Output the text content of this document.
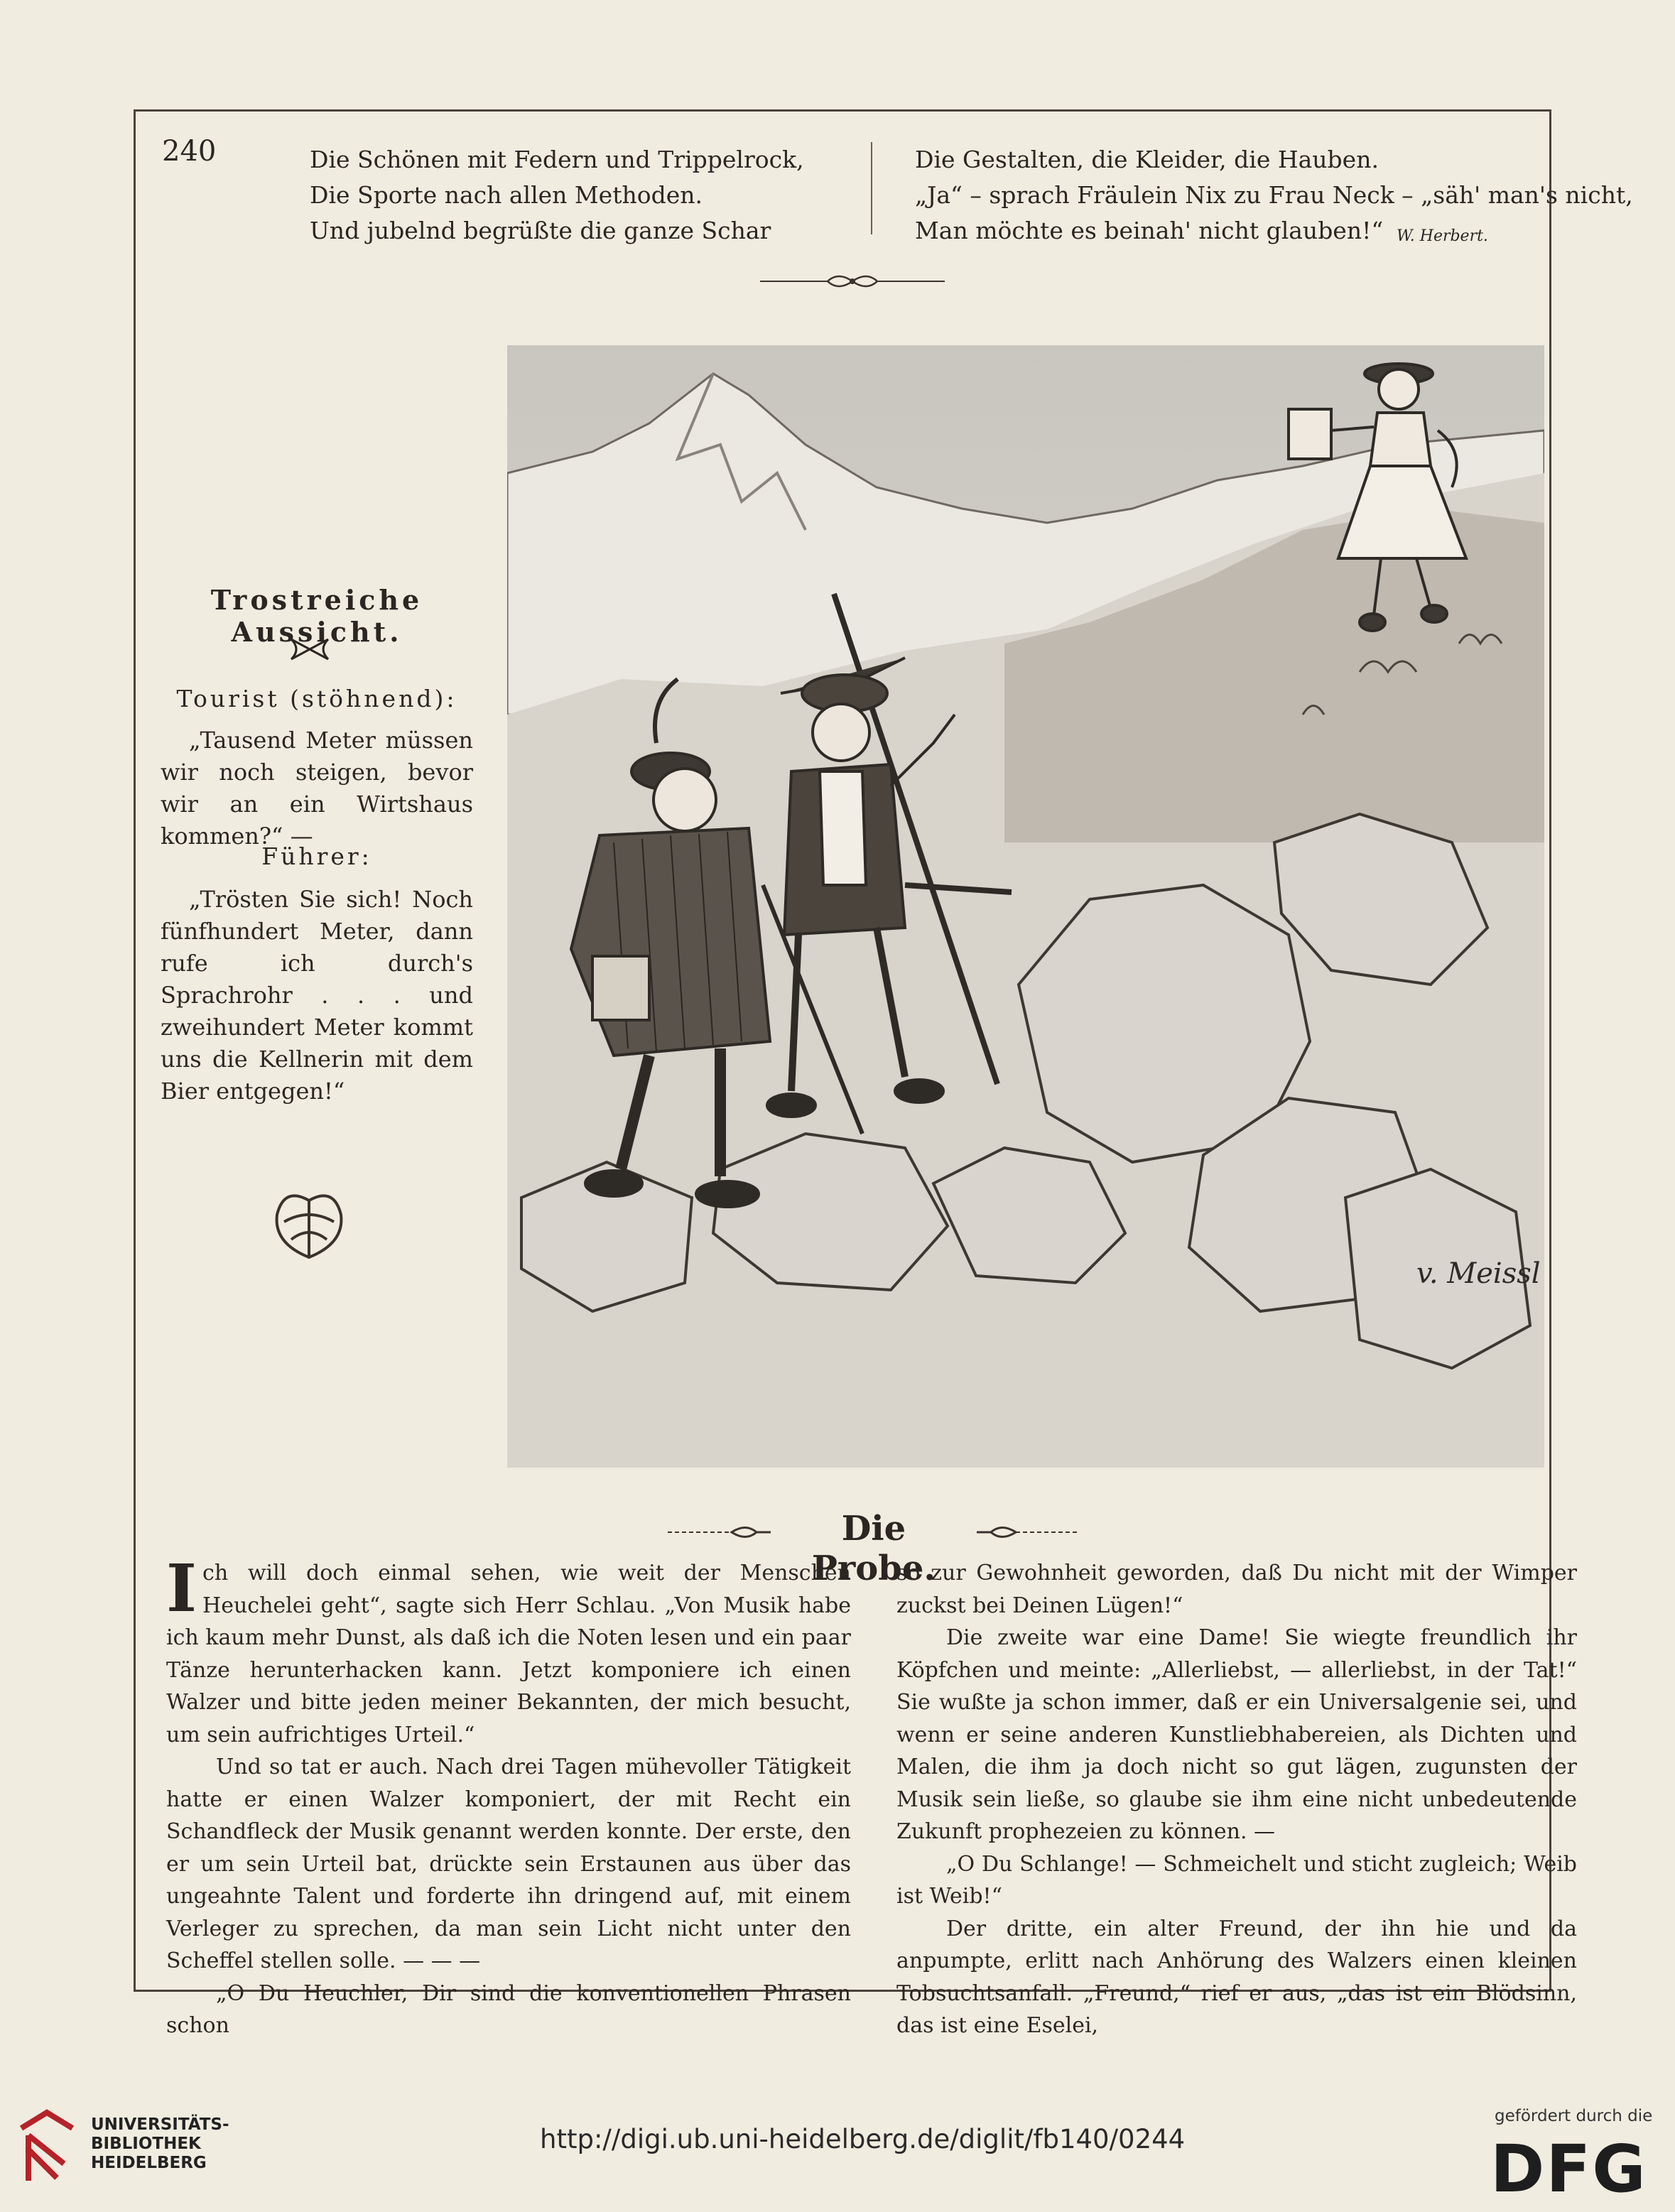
240	Die Schönen mit Federn und Trippelrock,

Die Sporte nach allen Methoden.

Und jubelnd begrüßte die ganze Schar

Die Gestalten, die Kleider, die Hauben.

„Ja“ – sprach Fräulein Nix zu Frau Neck – „säh' man's nicht,

Man möchte es beinah' nicht glauben!“ W. Herbert.
v. Meissl
Trostreiche Aussicht.
Tourist (stöhnend):

„Tausend Meter müssen wir noch steigen, bevor wir an ein Wirtshaus kommen?“ —

Führer:

„Trösten Sie sich! Noch fünfhundert Meter, dann rufe ich durch's Sprachrohr . . . und zweihundert Meter kommt uns die Kellnerin mit dem Bier entgegen!“

Die Probe.

Ich will doch einmal sehen, wie weit der Menschen Heuchelei geht“, sagte sich Herr Schlau. „Von Musik habe ich kaum mehr Dunst, als daß ich die Noten lesen und ein paar Tänze herunterhacken kann. Jetzt komponiere ich einen Walzer und bitte jeden meiner Bekannten, der mich besucht, um sein aufrichtiges Urteil.“

Und so tat er auch. Nach drei Tagen mühevoller Tätigkeit hatte er einen Walzer komponiert, der mit Recht ein Schandfleck der Musik genannt werden konnte. Der erste, den er um sein Urteil bat, drückte sein Erstaunen aus über das ungeahnte Talent und forderte ihn dringend auf, mit einem Verleger zu sprechen, da man sein Licht nicht unter den Scheffel stellen solle. — — —

„O Du Heuchler, Dir sind die konventionellen Phrasen schon

so zur Gewohnheit geworden, daß Du nicht mit der Wimper zuckst bei Deinen Lügen!“

Die zweite war eine Dame! Sie wiegte freundlich ihr Köpfchen und meinte: „Allerliebst, — allerliebst, in der Tat!“ Sie wußte ja schon immer, daß er ein Universalgenie sei, und wenn er seine anderen Kunstliebhabereien, als Dichten und Malen, die ihm ja doch nicht so gut lägen, zugunsten der Musik sein ließe, so glaube sie ihm eine nicht unbedeutende Zukunft prophezeien zu können. —

„O Du Schlange! — Schmeichelt und sticht zugleich; Weib ist Weib!“

Der dritte, ein alter Freund, der ihn hie und da anpumpte, erlitt nach Anhörung des Walzers einen kleinen Tobsuchtsanfall. „Freund,“ rief er aus, „das ist ein Blödsinn, das ist eine Eselei,

UNIVERSITÄTS-
BIBLIOTHEK
HEIDELBERG
http://digi.ub.uni-heidelberg.de/diglit/fb140/0244
gefördert durch die
DFG
